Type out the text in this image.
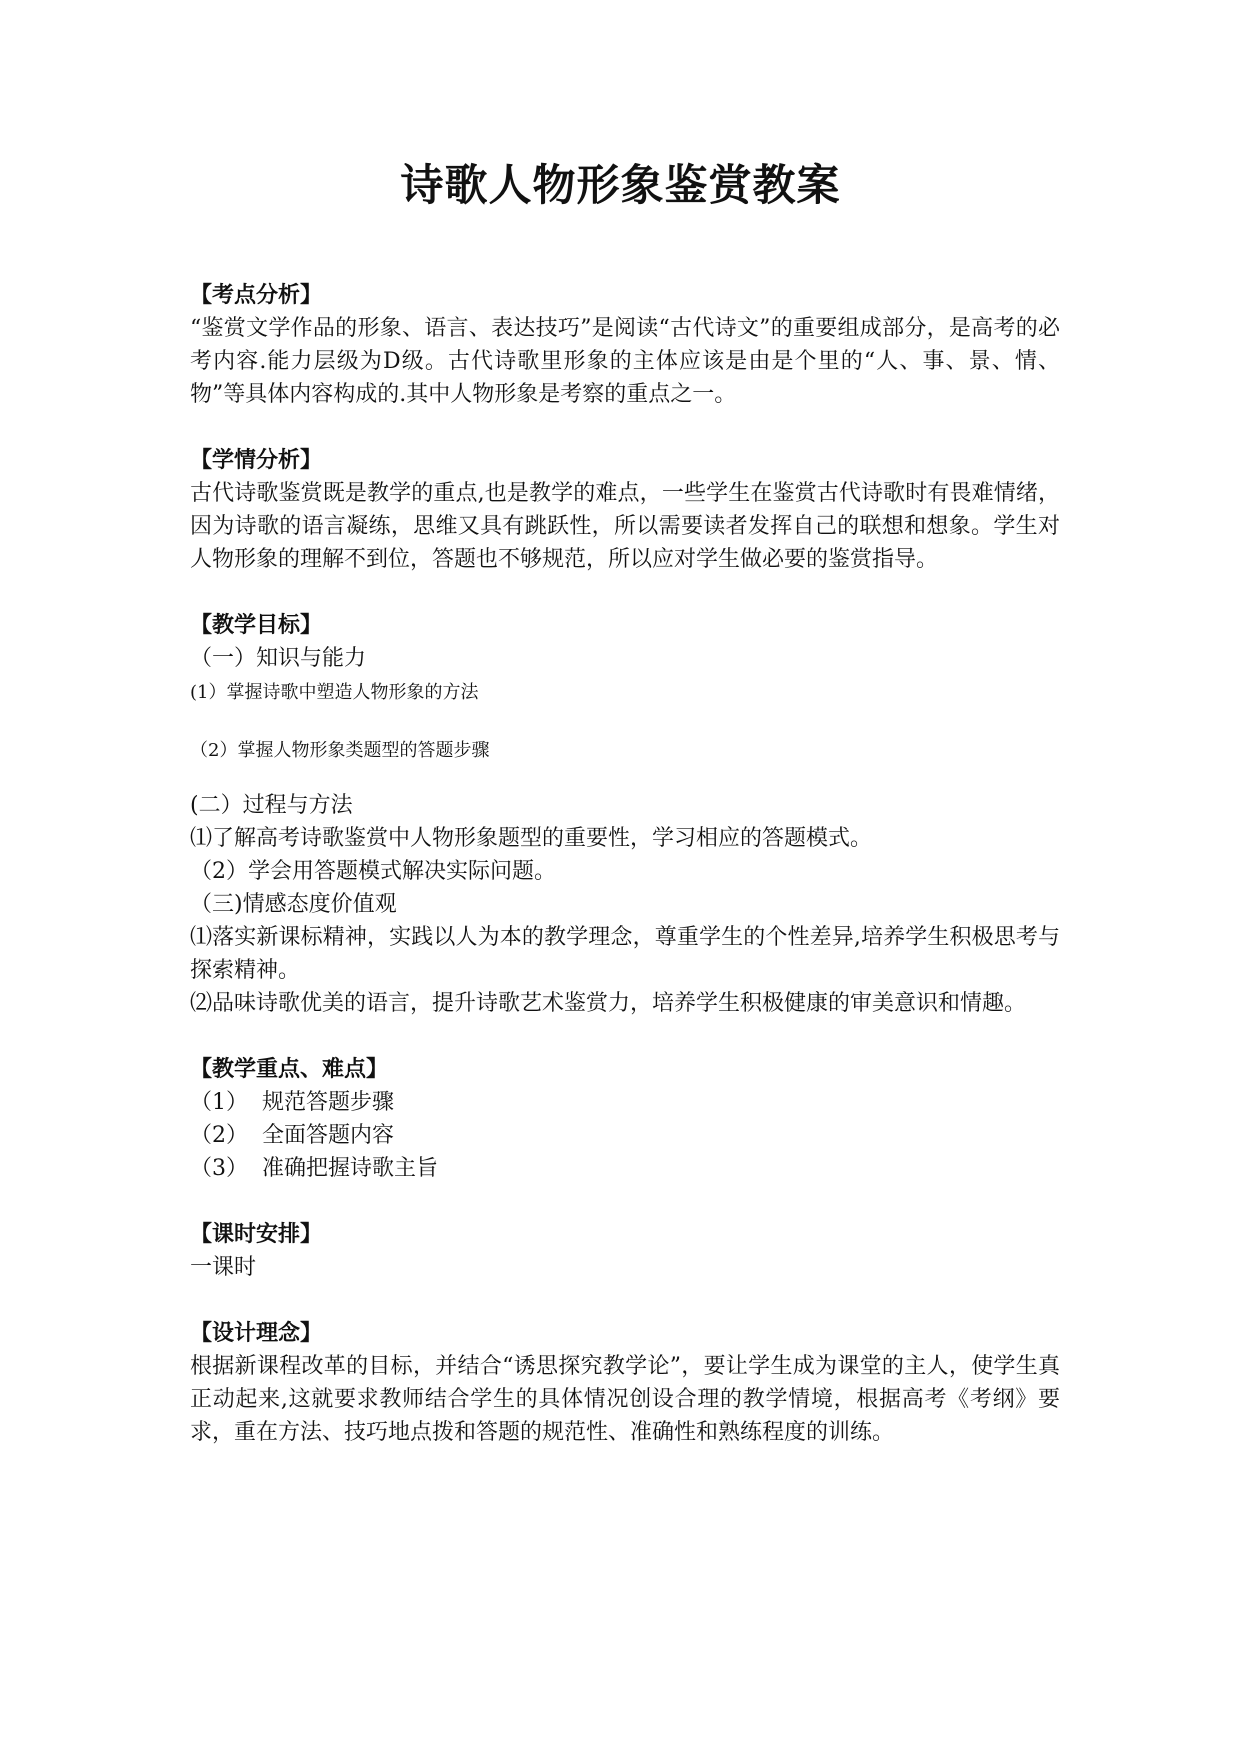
诗歌人物形象鉴赏教案

【考点分析】

“鉴赏文学作品的形象、语言、表达技巧”是阅读“古代诗文”的重要组成部分，是高考的必考内容.能力层级为D级。古代诗歌里形象的主体应该是由是个里的“人、事、景、情、物”等具体内容构成的.其中人物形象是考察的重点之一。

【学情分析】

古代诗歌鉴赏既是教学的重点,也是教学的难点，一些学生在鉴赏古代诗歌时有畏难情绪，因为诗歌的语言凝练，思维又具有跳跃性，所以需要读者发挥自己的联想和想象。学生对人物形象的理解不到位，答题也不够规范，所以应对学生做必要的鉴赏指导。

【教学目标】

（一）知识与能力

(1）掌握诗歌中塑造人物形象的方法

（2）掌握人物形象类题型的答题步骤

(二）过程与方法

⑴了解高考诗歌鉴赏中人物形象题型的重要性，学习相应的答题模式。

（2）学会用答题模式解决实际问题。

（三)情感态度价值观

⑴落实新课标精神，实践以人为本的教学理念，尊重学生的个性差异,培养学生积极思考与探索精神。

⑵品味诗歌优美的语言，提升诗歌艺术鉴赏力，培养学生积极健康的审美意识和情趣。

【教学重点、难点】

（1）  规范答题步骤

（2）  全面答题内容

（3）  准确把握诗歌主旨

【课时安排】

一课时

【设计理念】

根据新课程改革的目标，并结合“诱思探究教学论”，要让学生成为课堂的主人，使学生真正动起来,这就要求教师结合学生的具体情况创设合理的教学情境，根据高考《考纲》要求，重在方法、技巧地点拨和答题的规范性、准确性和熟练程度的训练。
